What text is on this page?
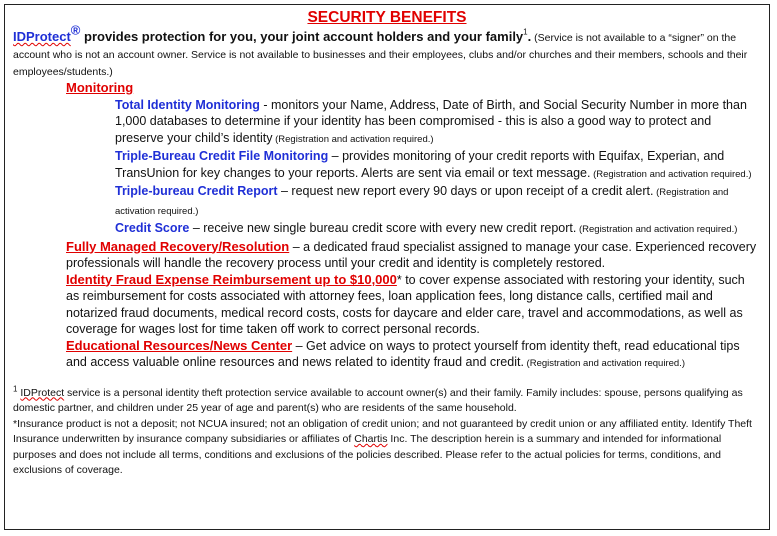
SECURITY BENEFITS
IDProtect® provides protection for you, your joint account holders and your family$^1$. (Service is not available to a “signer” on the account who is not an account owner. Service is not available to businesses and their employees, clubs and/or churches and their members, schools and their employees/students.)
Monitoring
Total Identity Monitoring - monitors your Name, Address, Date of Birth, and Social Security Number in more than 1,000 databases to determine if your identity has been compromised - this is also a good way to protect and preserve your child’s identity (Registration and activation required.)
Triple-Bureau Credit File Monitoring – provides monitoring of your credit reports with Equifax, Experian, and TransUnion for key changes to your reports. Alerts are sent via email or text message. (Registration and activation required.)
Triple-bureau Credit Report – request new report every 90 days or upon receipt of a credit alert. (Registration and activation required.)
Credit Score – receive new single bureau credit score with every new credit report. (Registration and activation required.)
Fully Managed Recovery/Resolution – a dedicated fraud specialist assigned to manage your case. Experienced recovery professionals will handle the recovery process until your credit and identity is completely restored.
Identity Fraud Expense Reimbursement up to $10,000* to cover expense associated with restoring your identity, such as reimbursement for costs associated with attorney fees, loan application fees, long distance calls, certified mail and notarized fraud documents, medical record costs, costs for daycare and elder care, travel and accommodations, as well as coverage for wages lost for time taken off work to correct personal records.
Educational Resources/News Center – Get advice on ways to protect yourself from identity theft, read educational tips and access valuable online resources and news related to identity fraud and credit. (Registration and activation required.)
$^1$ IDProtect service is a personal identity theft protection service available to account owner(s) and their family. Family includes: spouse, persons qualifying as domestic partner, and children under 25 year of age and parent(s) who are residents of the same household.
*Insurance product is not a deposit; not NCUA insured; not an obligation of credit union; and not guaranteed by credit union or any affiliated entity. Identify Theft Insurance underwritten by insurance company subsidiaries or affiliates of Chartis Inc. The description herein is a summary and intended for informational purposes and does not include all terms, conditions and exclusions of the policies described. Please refer to the actual policies for terms, conditions, and exclusions of coverage.
